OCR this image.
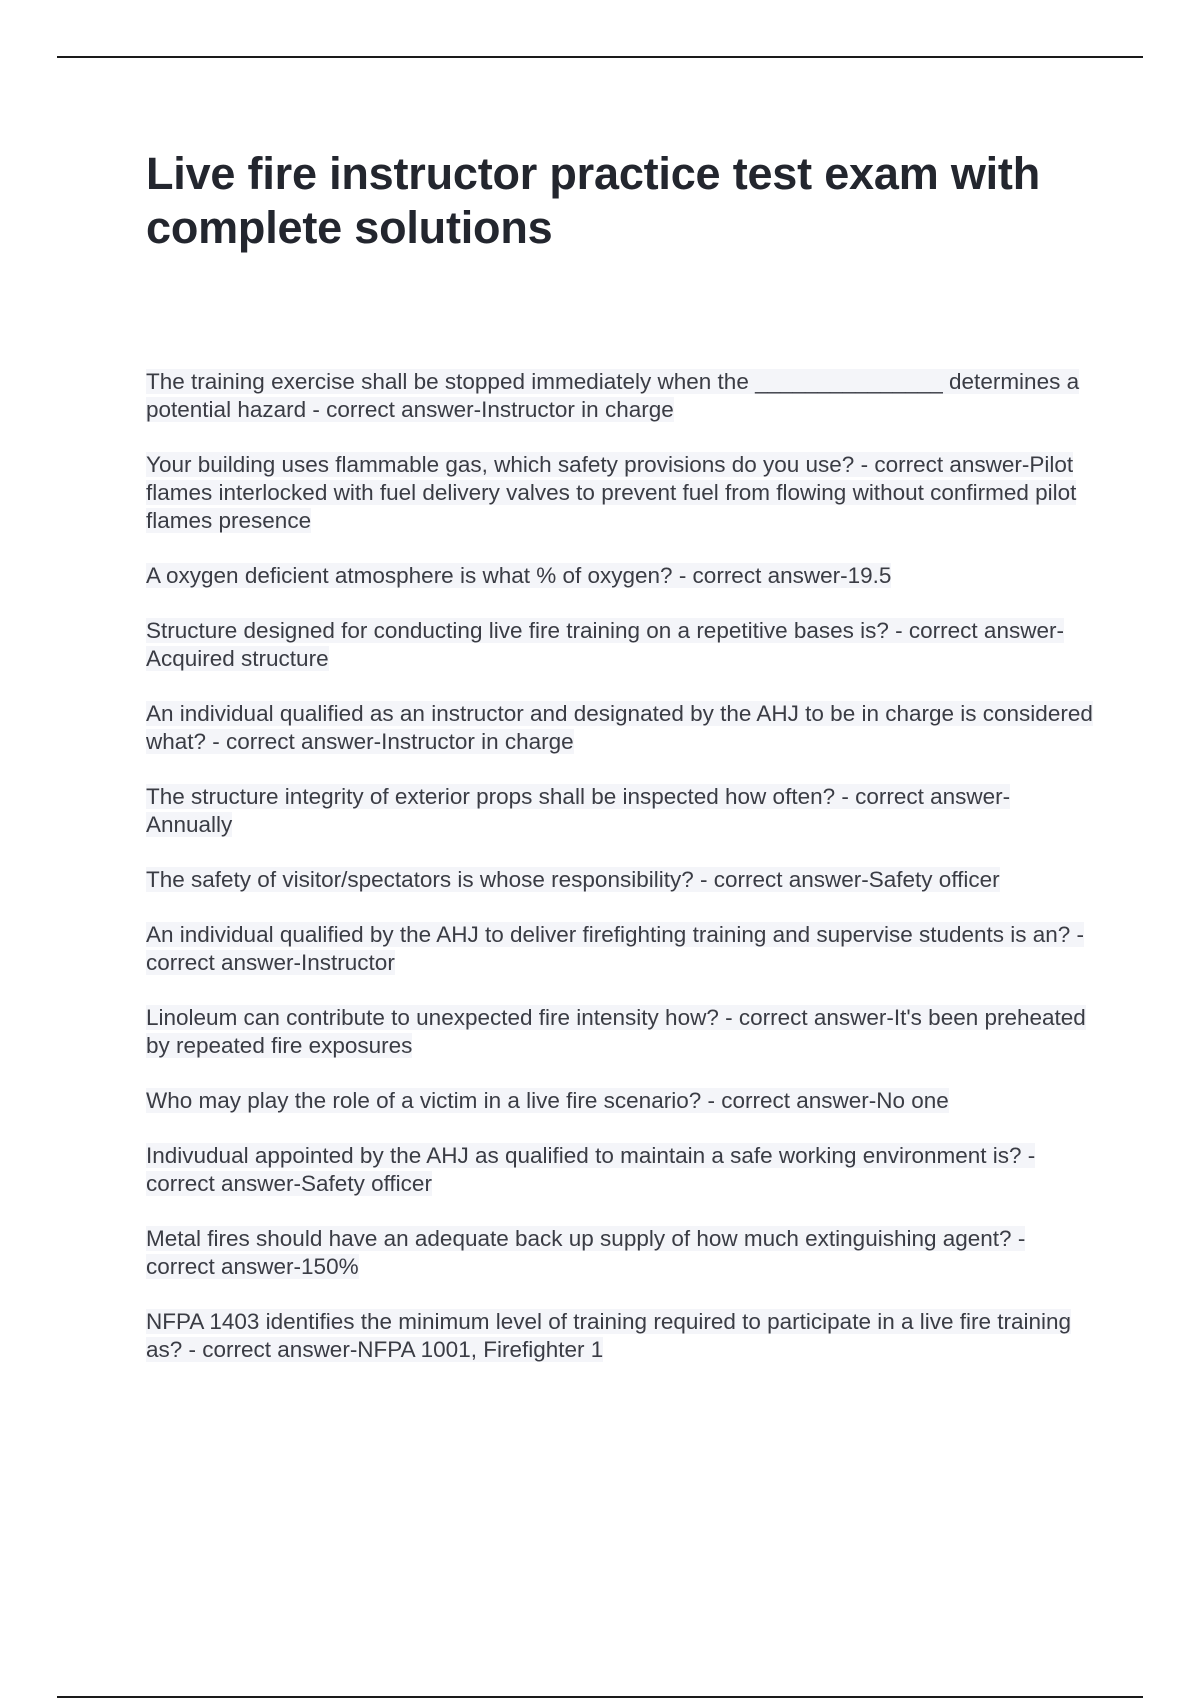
Live fire instructor practice test exam with complete solutions
The training exercise shall be stopped immediately when the _______________ determines a potential hazard - correct answer-Instructor in charge
Your building uses flammable gas, which safety provisions do you use? - correct answer-Pilot flames interlocked with fuel delivery valves to prevent fuel from flowing without confirmed pilot flames presence
A oxygen deficient atmosphere is what % of oxygen? - correct answer-19.5
Structure designed for conducting live fire training on a repetitive bases is? - correct answer-Acquired structure
An individual qualified as an instructor and designated by the AHJ to be in charge is considered what? - correct answer-Instructor in charge
The structure integrity of exterior props shall be inspected how often? - correct answer-Annually
The safety of visitor/spectators is whose responsibility? - correct answer-Safety officer
An individual qualified by the AHJ to deliver firefighting training and supervise students is an? - correct answer-Instructor
Linoleum can contribute to unexpected fire intensity how? - correct answer-It's been preheated by repeated fire exposures
Who may play the role of a victim in a live fire scenario? - correct answer-No one
Indivudual appointed by the AHJ as qualified to maintain a safe working environment is? - correct answer-Safety officer
Metal fires should have an adequate back up supply of how much extinguishing agent? - correct answer-150%
NFPA 1403 identifies the minimum level of training required to participate in a live fire training as? - correct answer-NFPA 1001, Firefighter 1
